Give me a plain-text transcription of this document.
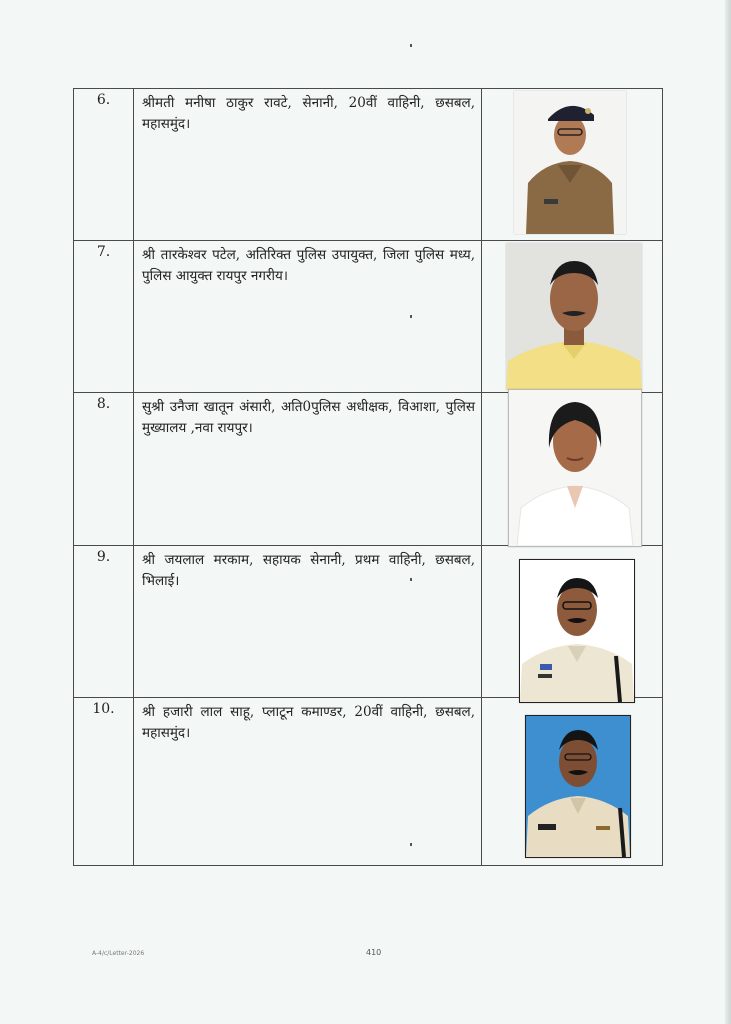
6.	श्रीमती मनीषा ठाकुर रावटे, सेनानी, 20वीं वाहिनी, छसबल, महासमुंद।	

7.	श्री तारकेश्वर पटेल, अतिरिक्त पुलिस उपायुक्त, जिला पुलिस मध्य, पुलिस आयुक्त रायपुर नगरीय।	

8.	सुश्री उनैजा खातून अंसारी, अति0पुलिस अधीक्षक, विआशा, पुलिस मुख्यालय ,नवा रायपुर।	

9.	श्री जयलाल मरकाम, सहायक सेनानी, प्रथम वाहिनी, छसबल, भिलाई।	

10.	श्री हजारी लाल साहू, प्लाटून कमाण्डर, 20वीं वाहिनी, छसबल, महासमुंद।	
A-4/c/Letter-2026	410
